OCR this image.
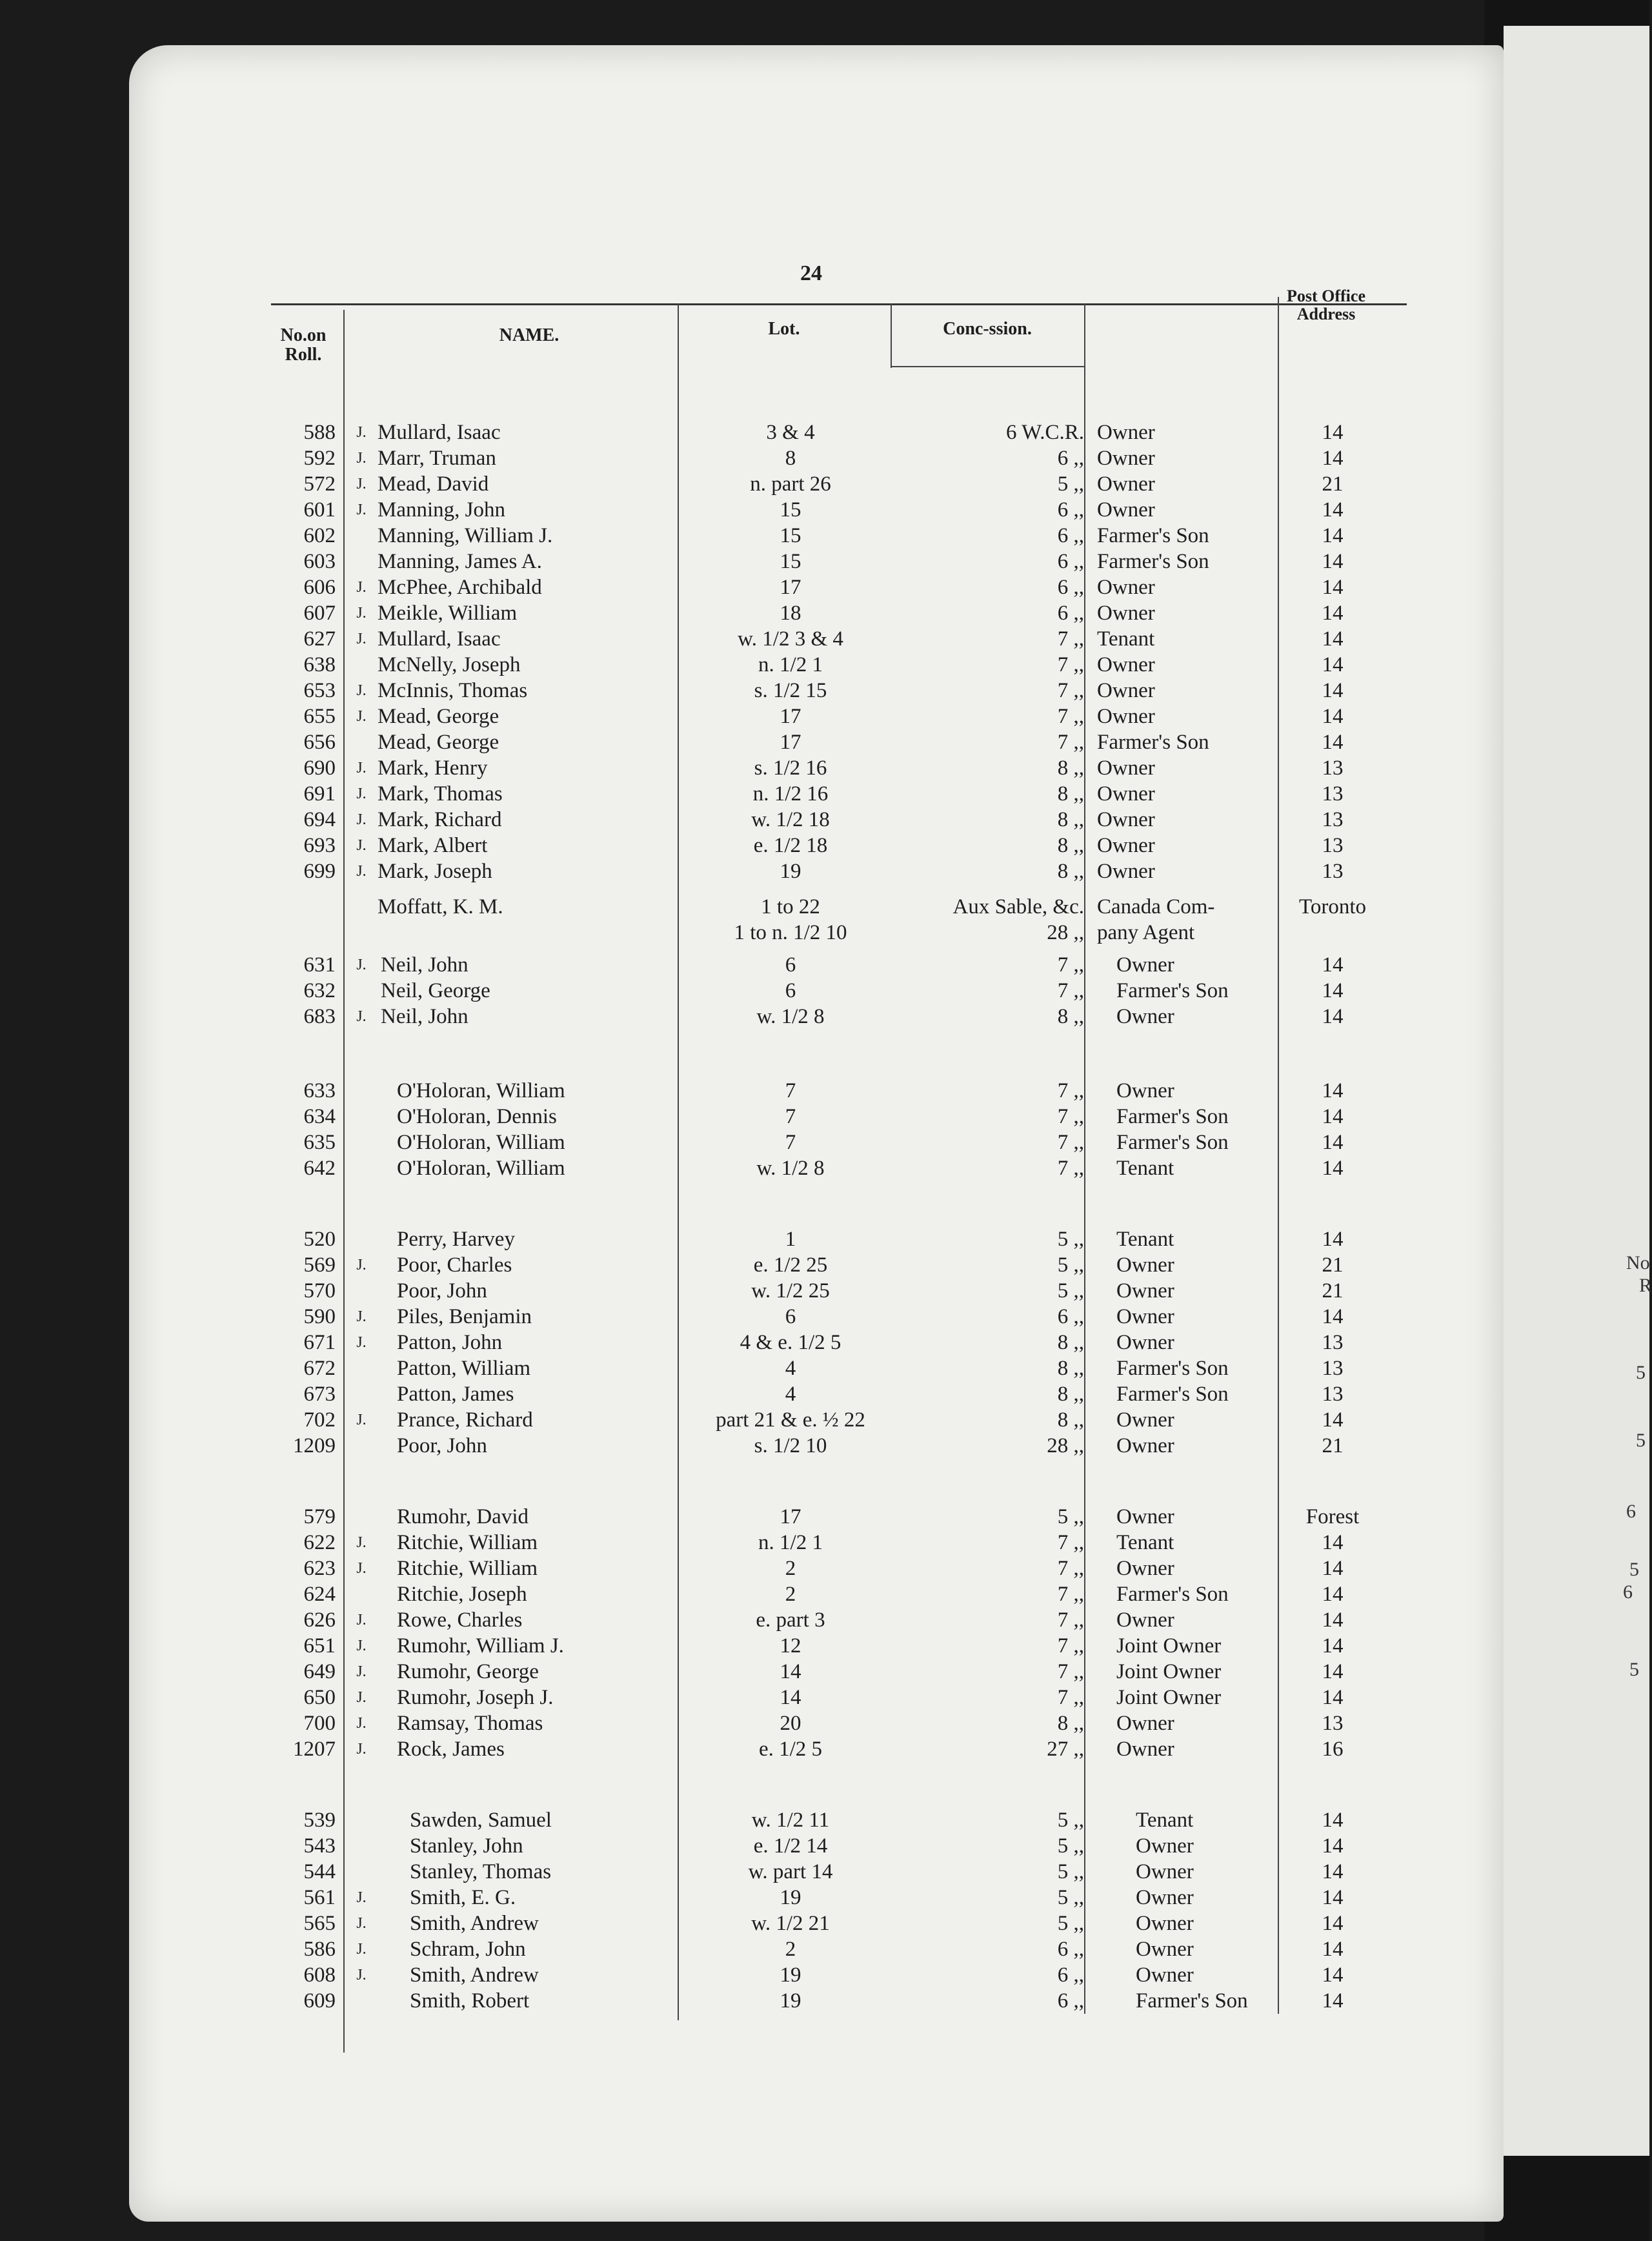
No
R
5
5
6
5
6
5
24
No.on Roll.
NAME.	Lot.	Conc-ssion.
Post Office Address
588	J. Mullard, Isaac	3 & 4	6 W.C.R. Owner	14
592	J. Marr, Truman	8	6 ,, Owner	14
572	J. Mead, David	n. part 26	5 ,, Owner	21
601	J. Manning, John	15	6 ,, Owner	14
602 Manning, William J.	15	6 ,, Farmer's Son	14
603 Manning, James A.	15	6 ,, Farmer's Son	14
606	J. McPhee, Archibald	17	6 ,, Owner	14
607	J. Meikle, William	18	6 ,, Owner	14
627	J. Mullard, Isaac	w. 1/2 3 & 4	7 ,, Tenant	14
638 McNelly, Joseph	n. 1/2 1	7 ,, Owner	14
653	J. McInnis, Thomas	s. 1/2 15	7 ,, Owner	14
655	J. Mead, George	17	7 ,, Owner	14
656 Mead, George	17	7 ,, Farmer's Son	14
690	J. Mark, Henry	s. 1/2 16	8 ,, Owner	13
691	J. Mark, Thomas	n. 1/2 16	8 ,, Owner	13
694	J. Mark, Richard	w. 1/2 18	8 ,, Owner	13
693	J. Mark, Albert	e. 1/2 18	8 ,, Owner	13
699	J. Mark, Joseph	19	8 ,, Owner	13
Moffatt, K. M.	1 to 22	Aux Sable, &c. Canada Com-	Toronto
1 to n. 1/2 10	28 ,, pany Agent
631	J. Neil, John	6	7 ,, Owner	14
632 Neil, George	6	7 ,, Farmer's Son	14
683	J. Neil, John	w. 1/2 8	8 ,, Owner	14
633	O'Holoran, William	7	7 ,, Owner	14
634	O'Holoran, Dennis	7	7 ,, Farmer's Son	14
635	O'Holoran, William	7	7 ,, Farmer's Son	14
642	O'Holoran, William	w. 1/2 8	7 ,, Tenant	14
520	Perry, Harvey	1	5 ,, Tenant	14
569	J.	Poor, Charles	e. 1/2 25	5 ,, Owner	21
570	Poor, John	w. 1/2 25	5 ,, Owner	21
590	J.	Piles, Benjamin	6	6 ,, Owner	14
671	J.	Patton, John	4 & e. 1/2 5	8 ,, Owner	13
672	Patton, William	4	8 ,, Farmer's Son	13
673	Patton, James	4	8 ,, Farmer's Son	13
702	J.	Prance, Richard	part 21 & e. ½ 22	8 ,, Owner	14
1209	Poor, John	s. 1/2 10	28 ,, Owner	21
579	Rumohr, David	17	5 ,, Owner	Forest
622	J.	Ritchie, William	n. 1/2 1	7 ,, Tenant	14
623	J.	Ritchie, William	2	7 ,, Owner	14
624	Ritchie, Joseph	2	7 ,, Farmer's Son	14
626	J.	Rowe, Charles	e. part 3	7 ,, Owner	14
651	J.	Rumohr, William J.	12	7 ,, Joint Owner	14
649	J.	Rumohr, George	14	7 ,, Joint Owner	14
650	J.	Rumohr, Joseph J.	14	7 ,, Joint Owner	14
700	J.	Ramsay, Thomas	20	8 ,, Owner	13
1207	J.	Rock, James	e. 1/2 5	27 ,, Owner	16
539	Sawden, Samuel	w. 1/2 11	5 ,, Tenant	14
543	Stanley, John	e. 1/2 14	5 ,, Owner	14
544	Stanley, Thomas	w. part 14	5 ,, Owner	14
561	J.	Smith, E. G.	19	5 ,, Owner	14
565	J.	Smith, Andrew	w. 1/2 21	5 ,, Owner	14
586	J.	Schram, John	2	6 ,, Owner	14
608	J.	Smith, Andrew	19	6 ,, Owner	14
609	Smith, Robert	19	6 ,, Farmer's Son	14
